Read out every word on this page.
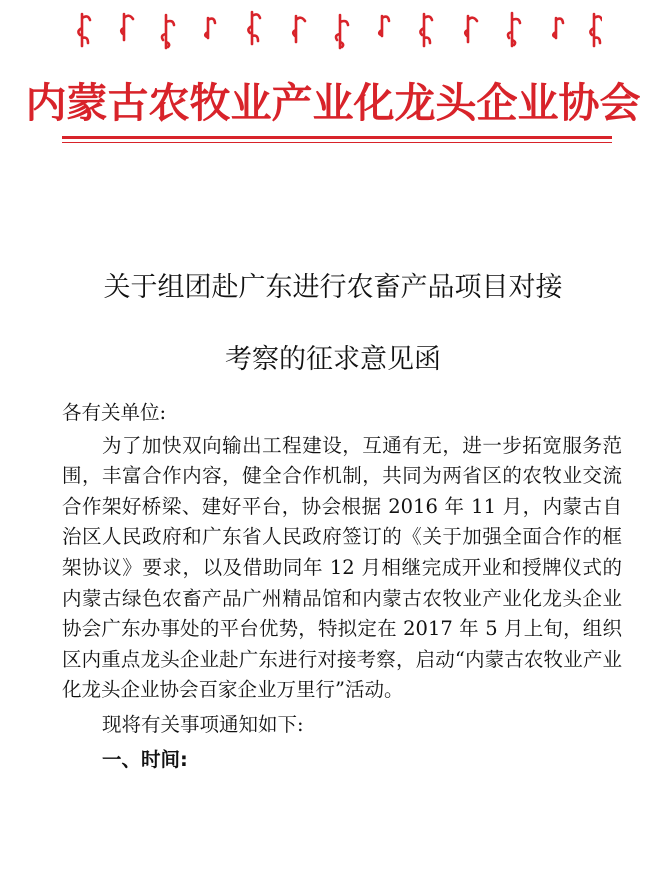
内蒙古农牧业产业化龙头企业协会
关于组团赴广东进行农畜产品项目对接
考察的征求意见函

各有关单位:

为了加快双向输出工程建设，互通有无，进一步拓宽服务范围，丰富合作内容，健全合作机制，共同为两省区的农牧业交流合作架好桥梁、建好平台，协会根据 2016 年 11 月，内蒙古自治区人民政府和广东省人民政府签订的《关于加强全面合作的框架协议》要求，以及借助同年 12 月相继完成开业和授牌仪式的内蒙古绿色农畜产品广州精品馆和内蒙古农牧业产业化龙头企业协会广东办事处的平台优势，特拟定在 2017 年 5 月上旬，组织区内重点龙头企业赴广东进行对接考察，启动“内蒙古农牧业产业化龙头企业协会百家企业万里行”活动。

现将有关事项通知如下:

一、时间:
